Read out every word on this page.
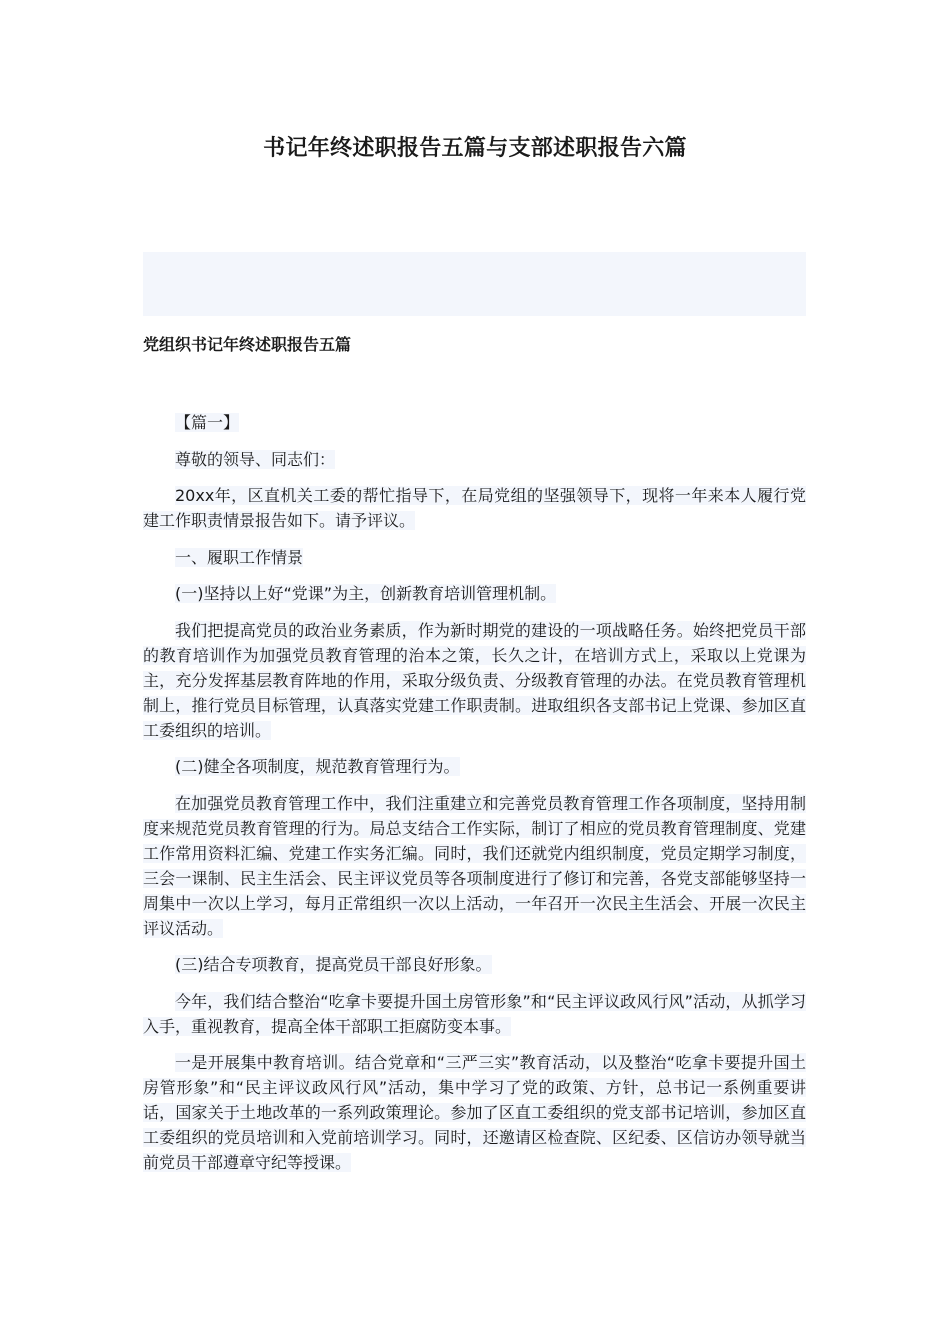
书记年终述职报告五篇与支部述职报告六篇
党组织书记年终述职报告五篇

【篇一】

尊敬的领导、同志们：

20xx年，区直机关工委的帮忙指导下，在局党组的坚强领导下，现将一年来本人履行党建工作职责情景报告如下。请予评议。

一、履职工作情景

(一)坚持以上好“党课”为主，创新教育培训管理机制。

我们把提高党员的政治业务素质，作为新时期党的建设的一项战略任务。始终把党员干部的教育培训作为加强党员教育管理的治本之策，长久之计，在培训方式上，采取以上党课为主，充分发挥基层教育阵地的作用，采取分级负责、分级教育管理的办法。在党员教育管理机制上，推行党员目标管理，认真落实党建工作职责制。进取组织各支部书记上党课、参加区直工委组织的培训。

(二)健全各项制度，规范教育管理行为。

在加强党员教育管理工作中，我们注重建立和完善党员教育管理工作各项制度，坚持用制度来规范党员教育管理的行为。局总支结合工作实际，制订了相应的党员教育管理制度、党建工作常用资料汇编、党建工作实务汇编。同时，我们还就党内组织制度，党员定期学习制度，三会一课制、民主生活会、民主评议党员等各项制度进行了修订和完善，各党支部能够坚持一周集中一次以上学习，每月正常组织一次以上活动，一年召开一次民主生活会、开展一次民主评议活动。

(三)结合专项教育，提高党员干部良好形象。

今年，我们结合整治“吃拿卡要提升国土房管形象”和“民主评议政风行风”活动，从抓学习入手，重视教育，提高全体干部职工拒腐防变本事。

一是开展集中教育培训。结合党章和“三严三实”教育活动，以及整治“吃拿卡要提升国土房管形象”和“民主评议政风行风”活动，集中学习了党的政策、方针，总书记一系例重要讲话，国家关于土地改革的一系列政策理论。参加了区直工委组织的党支部书记培训，参加区直工委组织的党员培训和入党前培训学习。同时，还邀请区检查院、区纪委、区信访办领导就当前党员干部遵章守纪等授课。
